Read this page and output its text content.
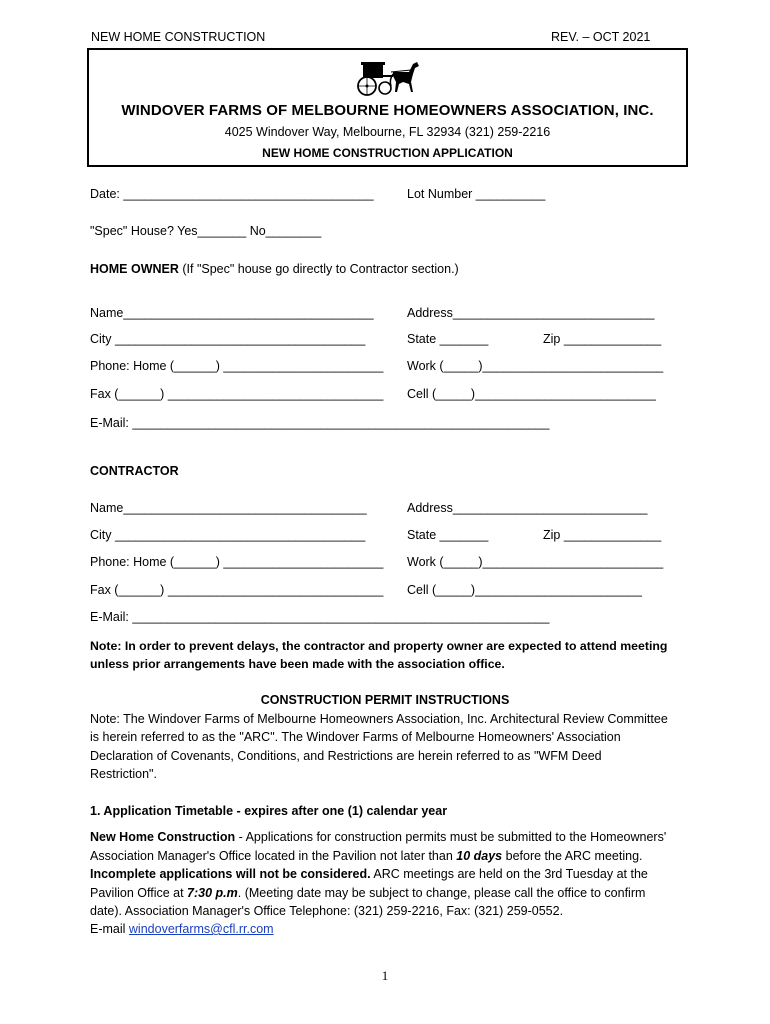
NEW HOME CONSTRUCTION	REV. – OCT 2021
WINDOVER FARMS OF MELBOURNE HOMEOWNERS ASSOCIATION, INC.
4025 Windover Way, Melbourne, FL 32934 (321) 259-2216
NEW HOME CONSTRUCTION APPLICATION
Date: ____________________________________	Lot Number __________
"Spec" House? Yes_______ No________
HOME OWNER (If "Spec" house go directly to Contractor section.)
Name____________________________________	Address_____________________________
City ____________________________________	State _______	Zip ______________
Phone: Home (______) _______________________ Work (_____)__________________________
Fax (______) _______________________________ Cell (_____)__________________________
E-Mail: ____________________________________________________________
CONTRACTOR
Name___________________________________	Address____________________________
City ____________________________________	State _______	Zip ______________
Phone: Home (______) _______________________ Work (_____)__________________________
Fax (______) _______________________________ Cell (_____)________________________
E-Mail: ____________________________________________________________
Note: In order to prevent delays, the contractor and property owner are expected to attend meeting
unless prior arrangements have been made with the association office.
CONSTRUCTION PERMIT INSTRUCTIONS
Note: The Windover Farms of Melbourne Homeowners Association, Inc. Architectural Review Committee
is herein referred to as the "ARC". The Windover Farms of Melbourne Homeowners' Association
Declaration of Covenants, Conditions, and Restrictions are herein referred to as "WFM Deed
Restriction".
1. Application Timetable - expires after one (1) calendar year
New Home Construction - Applications for construction permits must be submitted to the Homeowners'
Association Manager's Office located in the Pavilion not later than 10 days before the ARC meeting.
Incomplete applications will not be considered. ARC meetings are held on the 3rd Tuesday at the
Pavilion Office at 7:30 p.m. (Meeting date may be subject to change, please call the office to confirm
date). Association Manager's Office Telephone: (321) 259-2216, Fax: (321) 259-0552.
E-mail windoverfarms@cfl.rr.com
1
